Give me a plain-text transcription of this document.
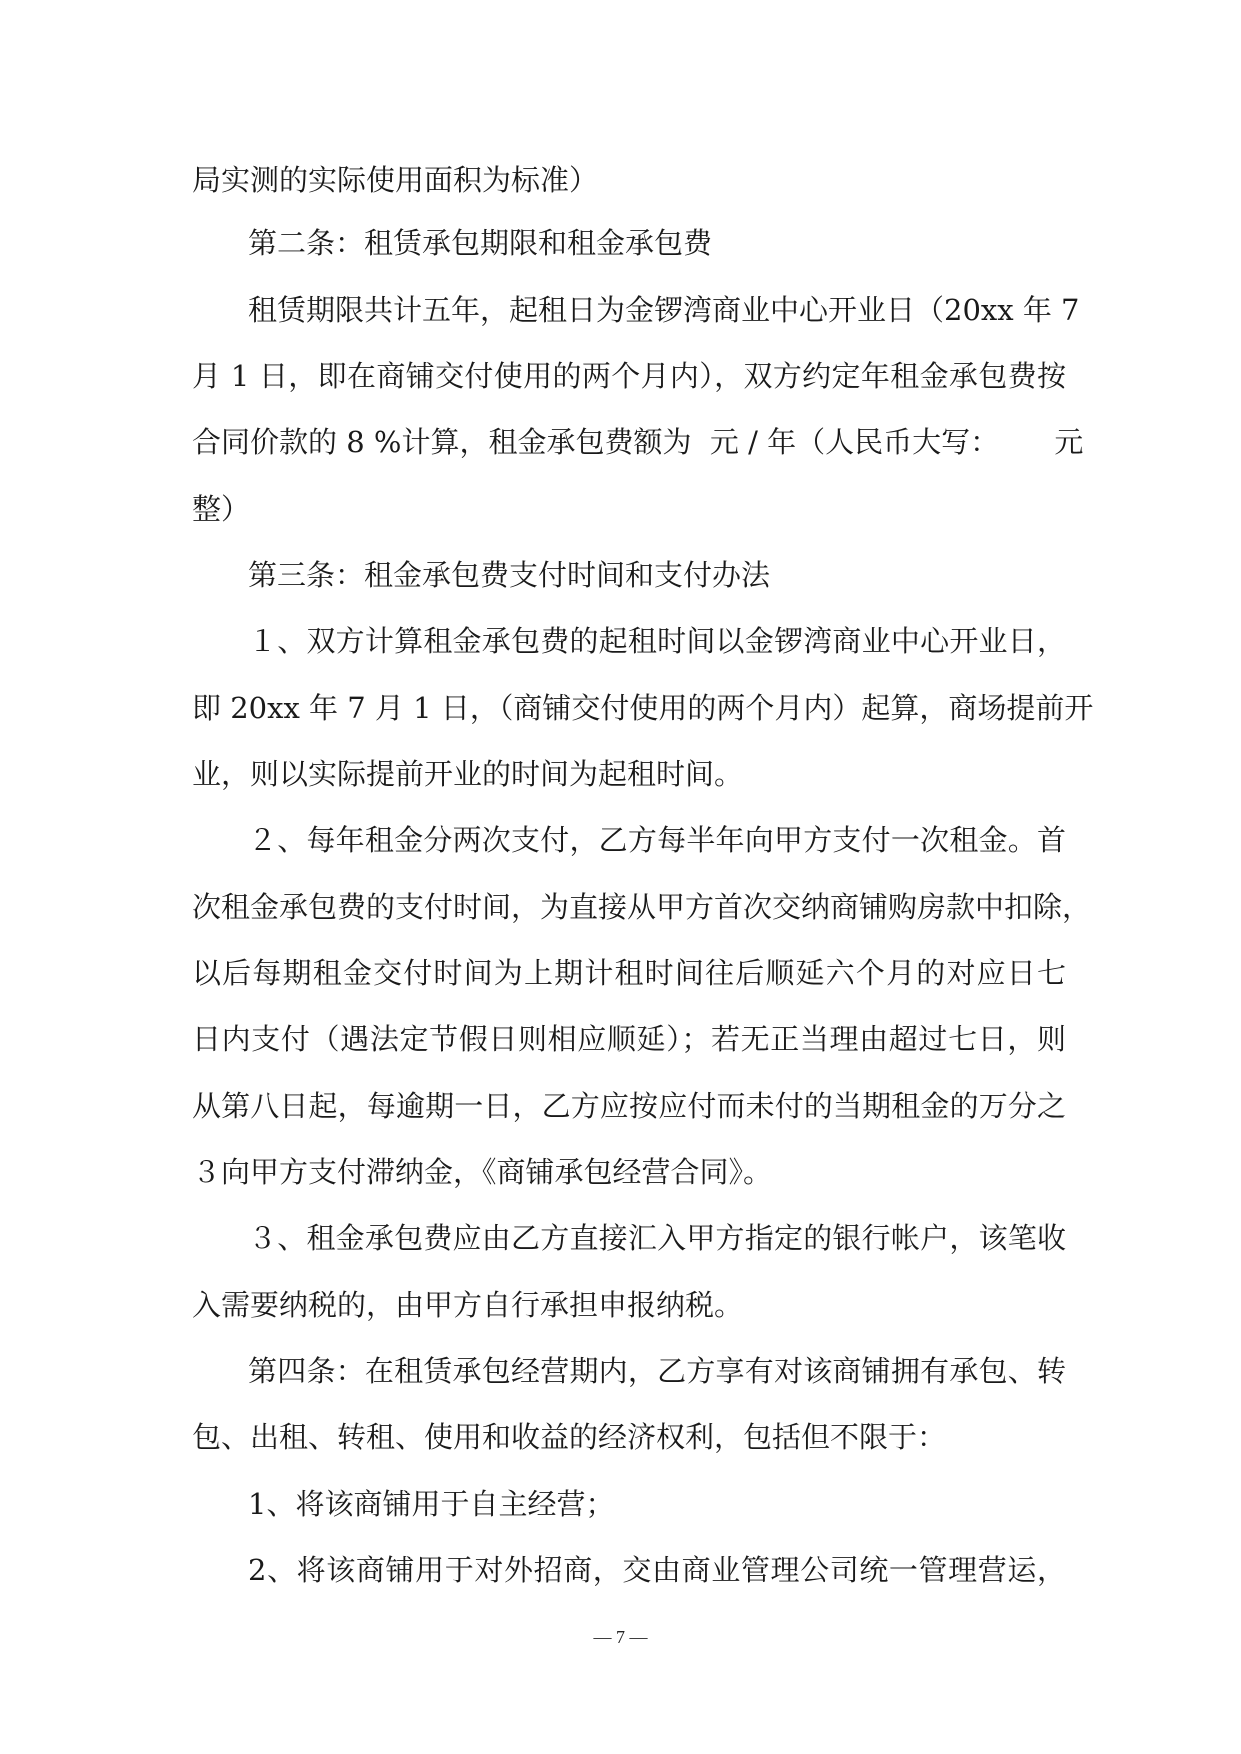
局实测的实际使用面积为标准）
第二条：租赁承包期限和租金承包费
租赁期限共计五年，起租日为金锣湾商业中心开业日（20xx 年 7
月 1 日，即在商铺交付使用的两个月内），双方约定年租金承包费按
合同价款的 8 %计算，租金承包费额为  元 / 年（人民币大写：      元
整）
第三条：租金承包费支付时间和支付办法
１、双方计算租金承包费的起租时间以金锣湾商业中心开业日，
即 20xx 年 7 月 1 日，（商铺交付使用的两个月内）起算，商场提前开
业，则以实际提前开业的时间为起租时间。
２、每年租金分两次支付，乙方每半年向甲方支付一次租金。首
次租金承包费的支付时间，为直接从甲方首次交纳商铺购房款中扣除，
以后每期租金交付时间为上期计租时间往后顺延六个月的对应日七
日内支付（遇法定节假日则相应顺延）；若无正当理由超过七日，则
从第八日起，每逾期一日，乙方应按应付而未付的当期租金的万分之
３向甲方支付滞纳金，《商铺承包经营合同》。
３、租金承包费应由乙方直接汇入甲方指定的银行帐户，该笔收
入需要纳税的，由甲方自行承担申报纳税。
第四条：在租赁承包经营期内，乙方享有对该商铺拥有承包、转
包、出租、转租、使用和收益的经济权利，包括但不限于：
1、将该商铺用于自主经营；
2、将该商铺用于对外招商，交由商业管理公司统一管理营运，
— 7 —
